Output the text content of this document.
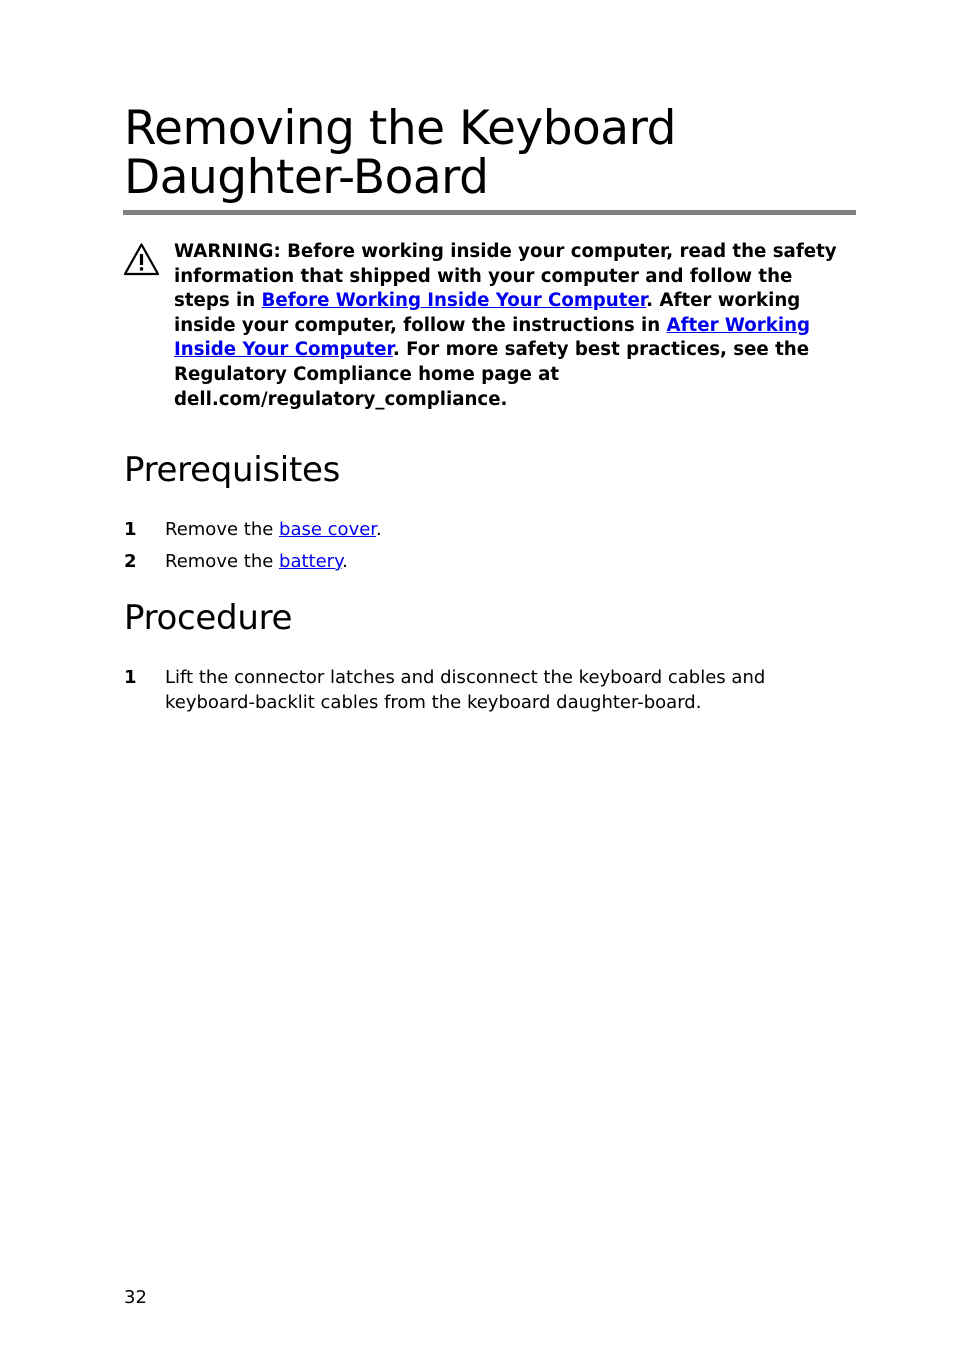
Removing the Keyboard Daughter-Board

WARNING: Before working inside your computer, read the safety information that shipped with your computer and follow the steps in Before Working Inside Your Computer. After working inside your computer, follow the instructions in After Working Inside Your Computer. For more safety best practices, see the Regulatory Compliance home page at dell.com/regulatory_compliance.

Prerequisites
1 Remove the base cover.
2 Remove the battery.
Procedure
1 Lift the connector latches and disconnect the keyboard cables and keyboard-backlit cables from the keyboard daughter-board.
32
